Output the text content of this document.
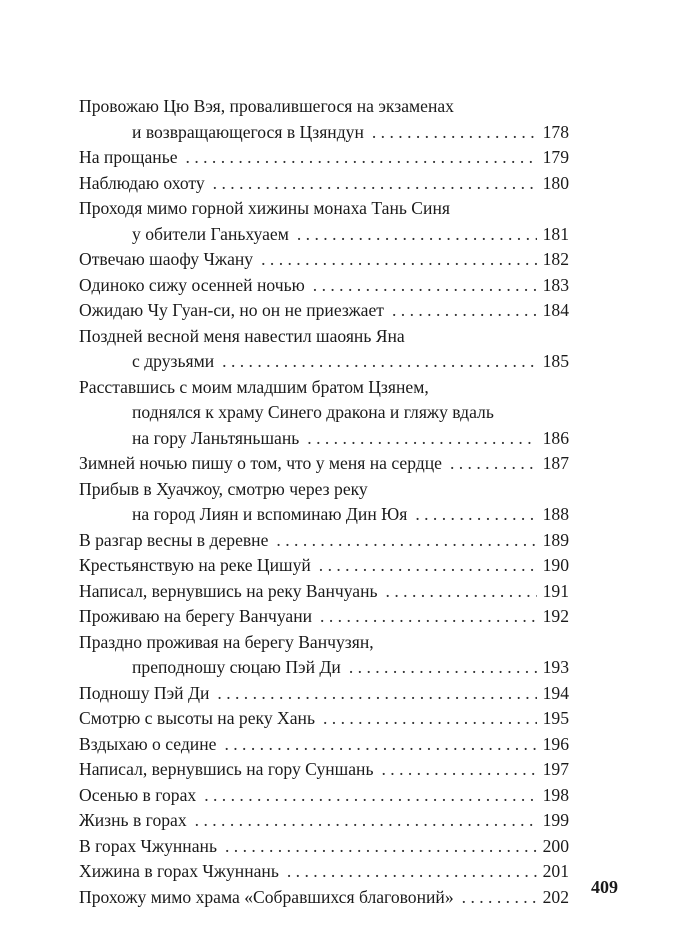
Провожаю Цю Вэя, провалившегося на экзаменах
и возвращающегося в Цзяндун . . .	178
На прощанье . . .	179
Наблюдаю охоту . . .	180
Проходя мимо горной хижины монаха Тань Синя
у обители Ганьхуаем . . .	181
Отвечаю шаофу Чжану . . .	182
Одиноко сижу осенней ночью . . .	183
Ожидаю Чу Гуан-си, но он не приезжает . . .	184
Поздней весной меня навестил шаоянь Яна
с друзьями . . .	185
Расставшись с моим младшим братом Цзянем,
поднялся к храму Синего дракона и гляжу вдаль
на гору Ланьтяньшань . . .	186
Зимней ночью пишу о том, что у меня на сердце . . .	187
Прибыв в Хуачжоу, смотрю через реку
на город Лиян и вспоминаю Дин Юя . . .	188
В разгар весны в деревне . . .	189
Крестьянствую на реке Цишуй . . .	190
Написал, вернувшись на реку Ванчуань . . .	191
Проживаю на берегу Ванчуани . . .	192
Праздно проживая на берегу Ванчузян,
преподношу сюцаю Пэй Ди . . .	193
Подношу Пэй Ди . . .	194
Смотрю с высоты на реку Хань . . .	195
Вздыхаю о седине . . .	196
Написал, вернувшись на гору Суншань . . .	197
Осенью в горах . . .	198
Жизнь в горах . . .	199
В горах Чжуннань . . .	200
Хижина в горах Чжуннань . . .	201
Прохожу мимо храма «Собравшихся благовоний» . . .	202 409
